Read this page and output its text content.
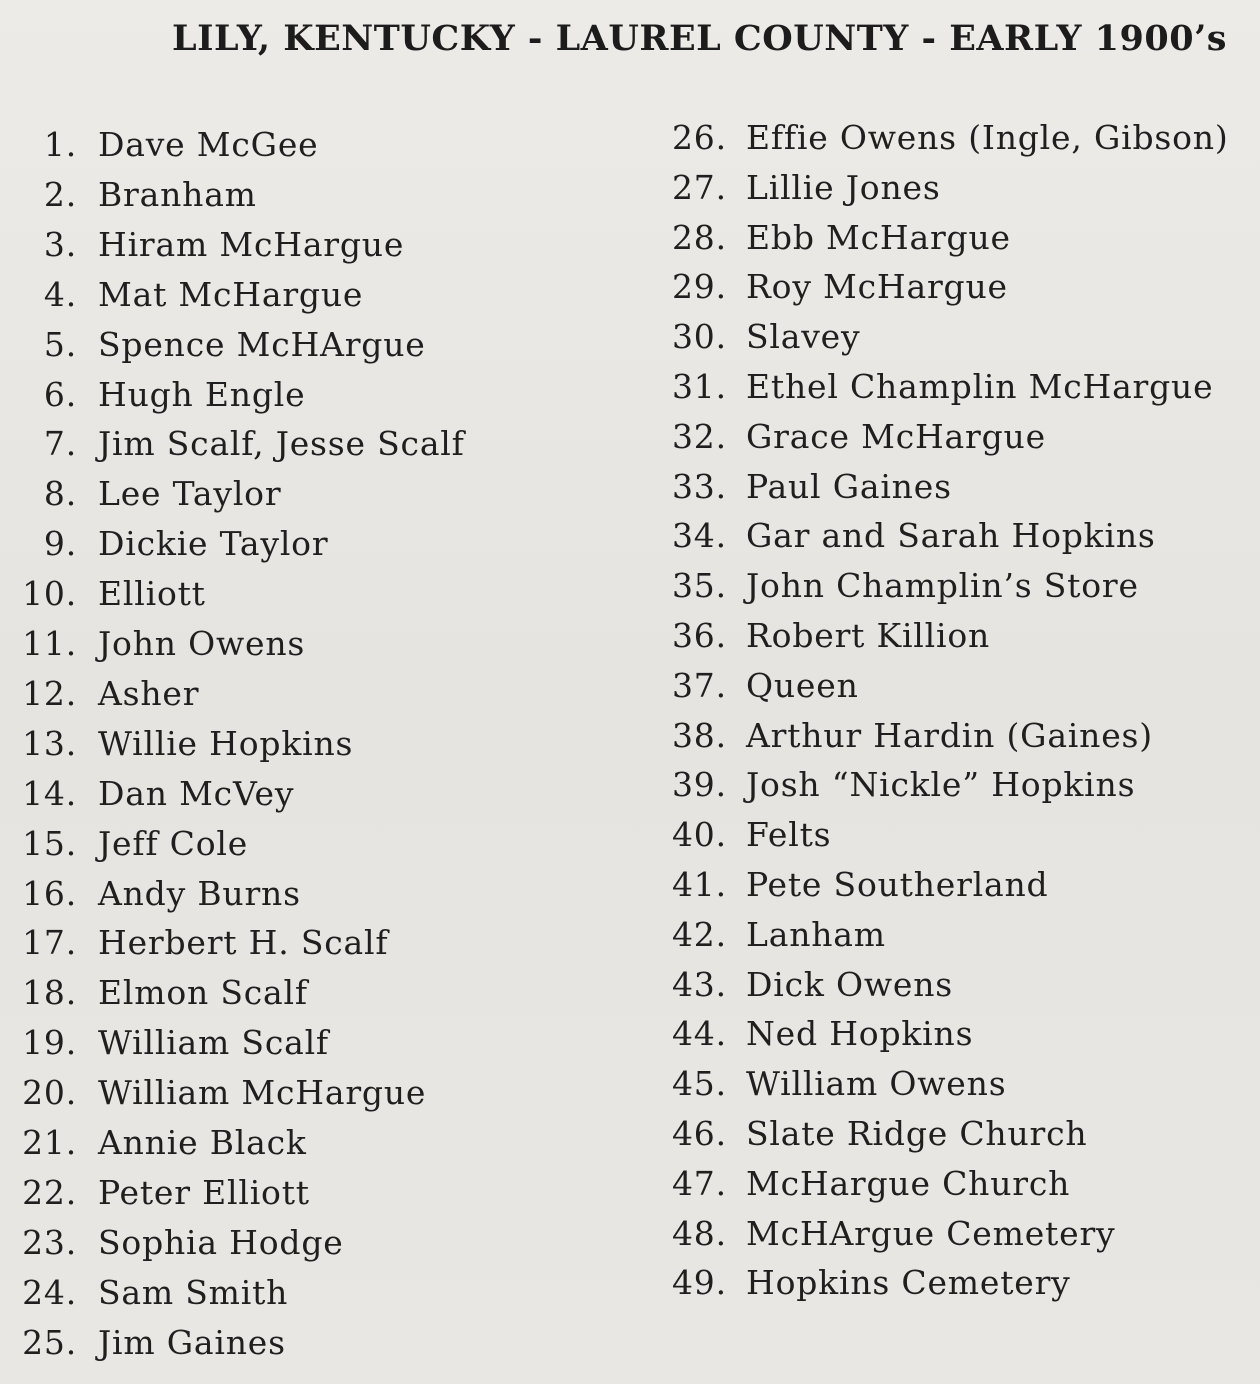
LILY, KENTUCKY - LAUREL COUNTY - EARLY 1900’s
1. Dave McGee
2. Branham
3. Hiram McHargue
4. Mat McHargue
5. Spence McHArgue
6. Hugh Engle
7. Jim Scalf, Jesse Scalf
8. Lee Taylor
9. Dickie Taylor
10. Elliott
11. John Owens
12. Asher
13. Willie Hopkins
14. Dan McVey
15. Jeff Cole
16. Andy Burns
17. Herbert H. Scalf
18. Elmon Scalf
19. William Scalf
20. William McHargue
21. Annie Black
22. Peter Elliott
23. Sophia Hodge
24. Sam Smith
25. Jim Gaines
26. Effie Owens (Ingle, Gibson)
27. Lillie Jones
28. Ebb McHargue
29. Roy McHargue
30. Slavey
31. Ethel Champlin McHargue
32. Grace McHargue
33. Paul Gaines
34. Gar and Sarah Hopkins
35. John Champlin’s Store
36. Robert Killion
37. Queen
38. Arthur Hardin (Gaines)
39. Josh “Nickle” Hopkins
40. Felts
41. Pete Southerland
42. Lanham
43. Dick Owens
44. Ned Hopkins
45. William Owens
46. Slate Ridge Church
47. McHargue Church
48. McHArgue Cemetery
49. Hopkins Cemetery
